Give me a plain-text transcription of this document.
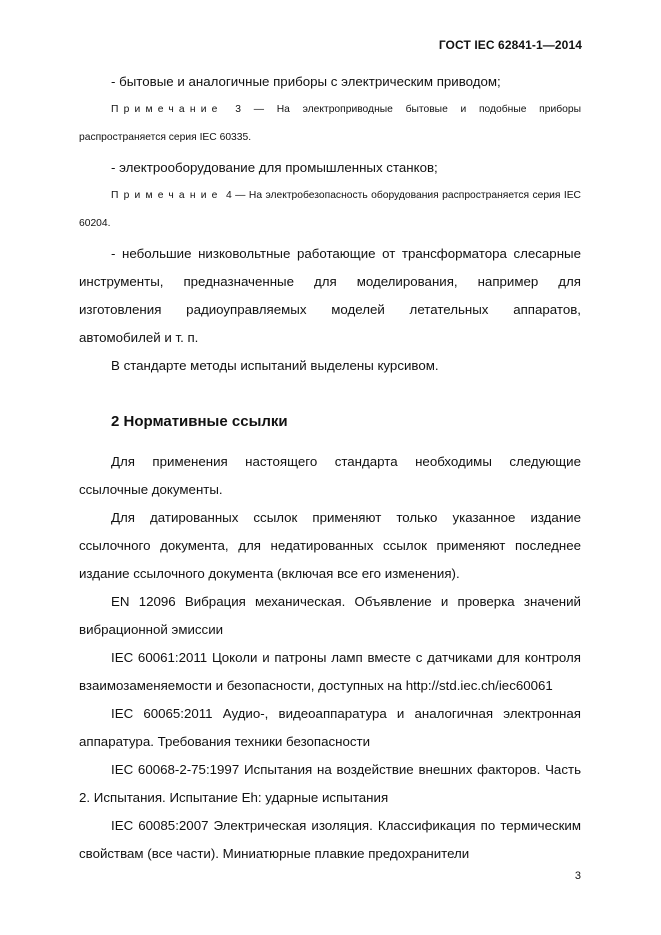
ГОСТ IEC 62841-1—2014

- бытовые и аналогичные приборы с электрическим приводом;

Примечание 3 — На электроприводные бытовые и подобные приборы распространяется серия IEC 60335.

- электрооборудование для промышленных станков;

Примечание 4 — На электробезопасность оборудования распространяется серия IEC 60204.

- небольшие низковольтные работающие от трансформатора слесарные инструменты, предназначенные для моделирования, например для изготовления радиоуправляемых моделей летательных аппаратов, автомобилей и т. п.

В стандарте методы испытаний выделены курсивом.

2 Нормативные ссылки

Для применения настоящего стандарта необходимы следующие ссылочные документы.

Для датированных ссылок применяют только указанное издание ссылочного документа, для недатированных ссылок применяют последнее издание ссылочного документа (включая все его изменения).

EN 12096 Вибрация механическая. Объявление и проверка значений вибрационной эмиссии

IEC 60061:2011 Цоколи и патроны ламп вместе с датчиками для контроля взаимозаменяемости и безопасности, доступных на http://std.iec.ch/iec60061

IEC 60065:2011 Аудио-, видеоаппаратура и аналогичная электронная аппаратура. Требования техники безопасности

IEC 60068-2-75:1997 Испытания на воздействие внешних факторов. Часть 2. Испытания. Испытание Eh: ударные испытания

IEC 60085:2007 Электрическая изоляция. Классификация по термическим свойствам (все части). Миниатюрные плавкие предохранители

3
